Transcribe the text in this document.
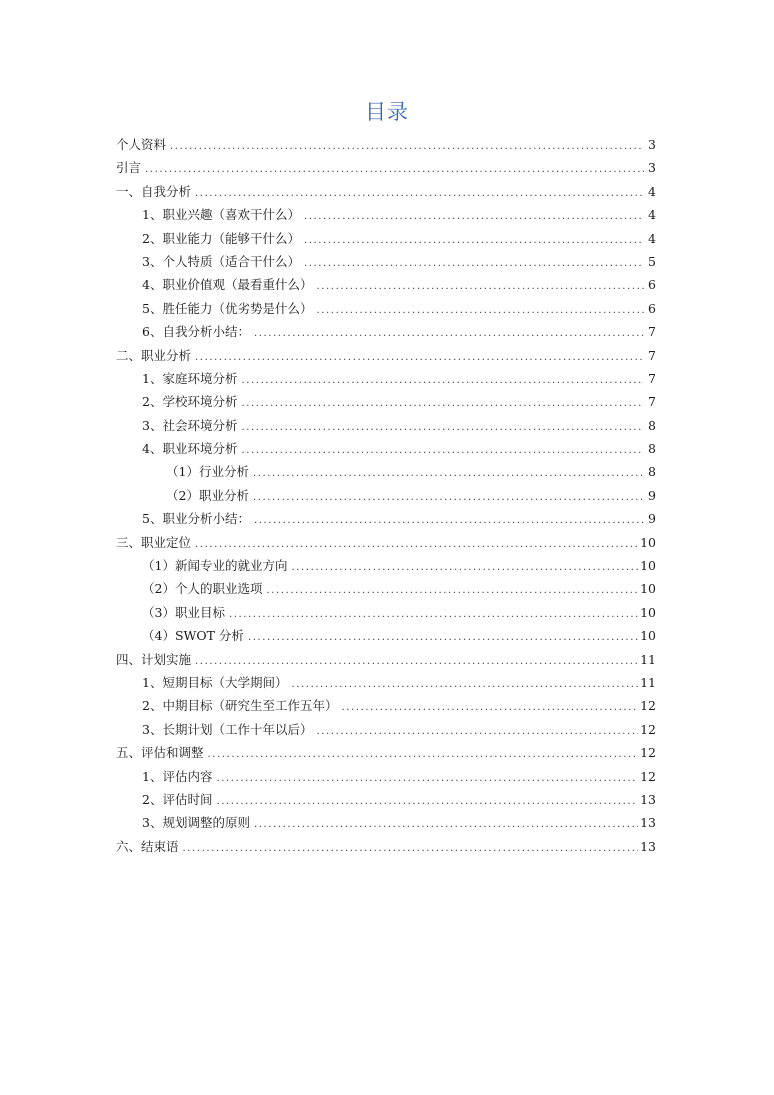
目录
个人资料 .....	3
引言 .....	3
一、自我分析 .....	4
1、职业兴趣（喜欢干什么） .....	4
2、职业能力（能够干什么） .....	4
3、个人特质（适合干什么） .....	5
4、职业价值观（最看重什么） .....	6
5、胜任能力（优劣势是什么） .....	6
6、自我分析小结： .....	7
二、职业分析 .....	7
1、家庭环境分析 .....	7
2、学校环境分析 .....	7
3、社会环境分析 .....	8
4、职业环境分析 .....	8
（1）行业分析 .....	8
（2）职业分析 .....	9
5、职业分析小结： .....	9
三、职业定位 .....	10
（1）新闻专业的就业方向 .....	10
（2）个人的职业选项 .....	10
（3）职业目标 .....	10
（4）SWOT 分析 .....	10
四、计划实施 .....	11
1、短期目标（大学期间） .....	11
2、中期目标（研究生至工作五年） .....	12
3、长期计划（工作十年以后） .....	12
五、评估和调整 .....	12
1、评估内容 .....	12
2、评估时间 .....	13
3、规划调整的原则 .....	13
六、结束语 .....	13
